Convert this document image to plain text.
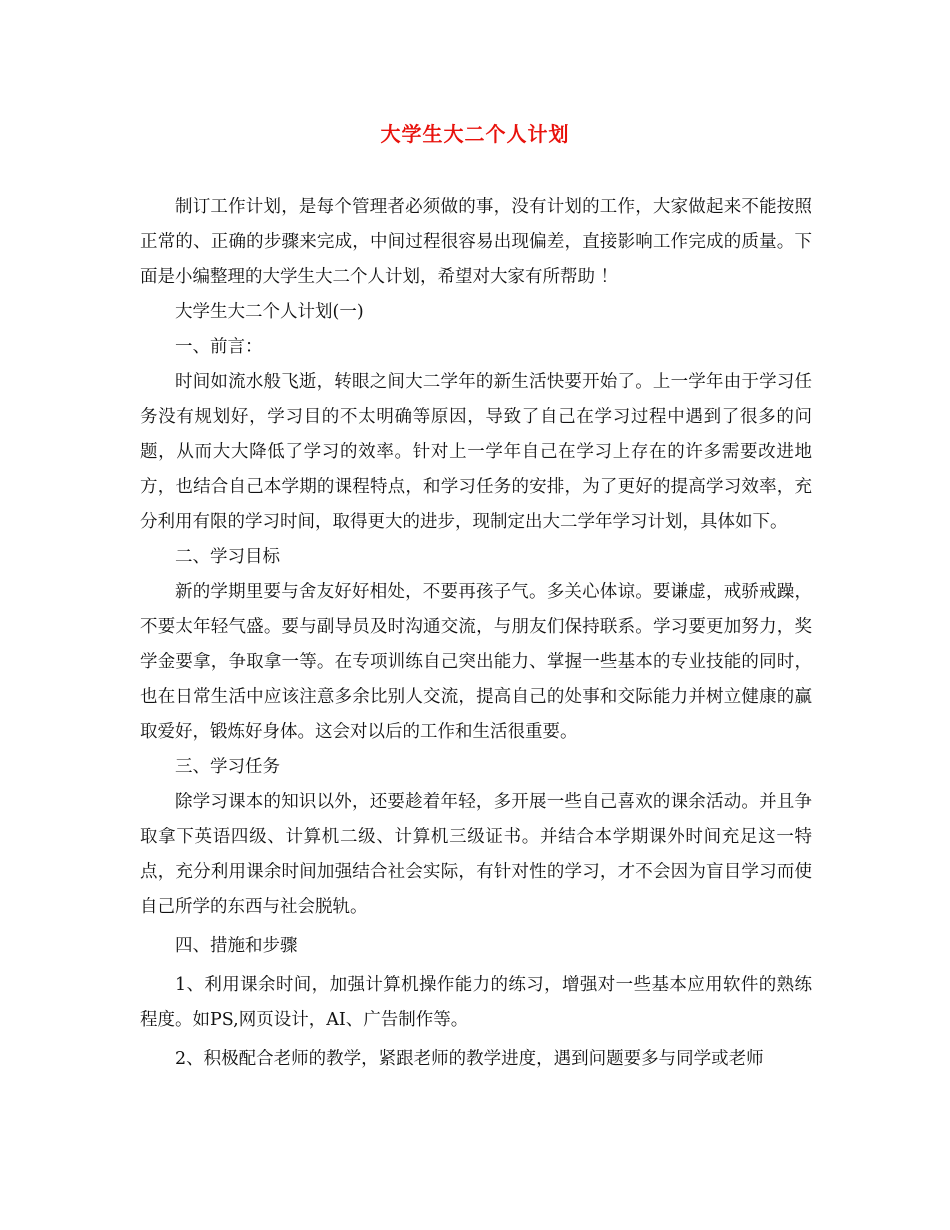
大学生大二个人计划

制订工作计划，是每个管理者必须做的事，没有计划的工作，大家做起来不能按照正常的、正确的步骤来完成，中间过程很容易出现偏差，直接影响工作完成的质量。下面是小编整理的大学生大二个人计划，希望对大家有所帮助 ！

大学生大二个人计划(一)

一、前言：

时间如流水般飞逝，转眼之间大二学年的新生活快要开始了。上一学年由于学习任务没有规划好，学习目的不太明确等原因，导致了自己在学习过程中遇到了很多的问题，从而大大降低了学习的效率。针对上一学年自己在学习上存在的许多需要改进地方，也结合自己本学期的课程特点，和学习任务的安排，为了更好的提高学习效率，充分利用有限的学习时间，取得更大的进步，现制定出大二学年学习计划，具体如下。

二、学习目标

新的学期里要与舍友好好相处，不要再孩子气。多关心体谅。要谦虚，戒骄戒躁，不要太年轻气盛。要与副导员及时沟通交流，与朋友们保持联系。学习要更加努力，奖学金要拿，争取拿一等。在专项训练自己突出能力、掌握一些基本的专业技能的同时，也在日常生活中应该注意多余比别人交流，提高自己的处事和交际能力并树立健康的赢取爱好，锻炼好身体。这会对以后的工作和生活很重要。

三、学习任务

除学习课本的知识以外，还要趁着年轻，多开展一些自己喜欢的课余活动。并且争取拿下英语四级、计算机二级、计算机三级证书。并结合本学期课外时间充足这一特点，充分利用课余时间加强结合社会实际，有针对性的学习，才不会因为盲目学习而使自己所学的东西与社会脱轨。

四、措施和步骤

1、利用课余时间，加强计算机操作能力的练习，增强对一些基本应用软件的熟练程度。如PS,网页设计，AI、广告制作等。

2、积极配合老师的教学，紧跟老师的教学进度，遇到问题要多与同学或老师
